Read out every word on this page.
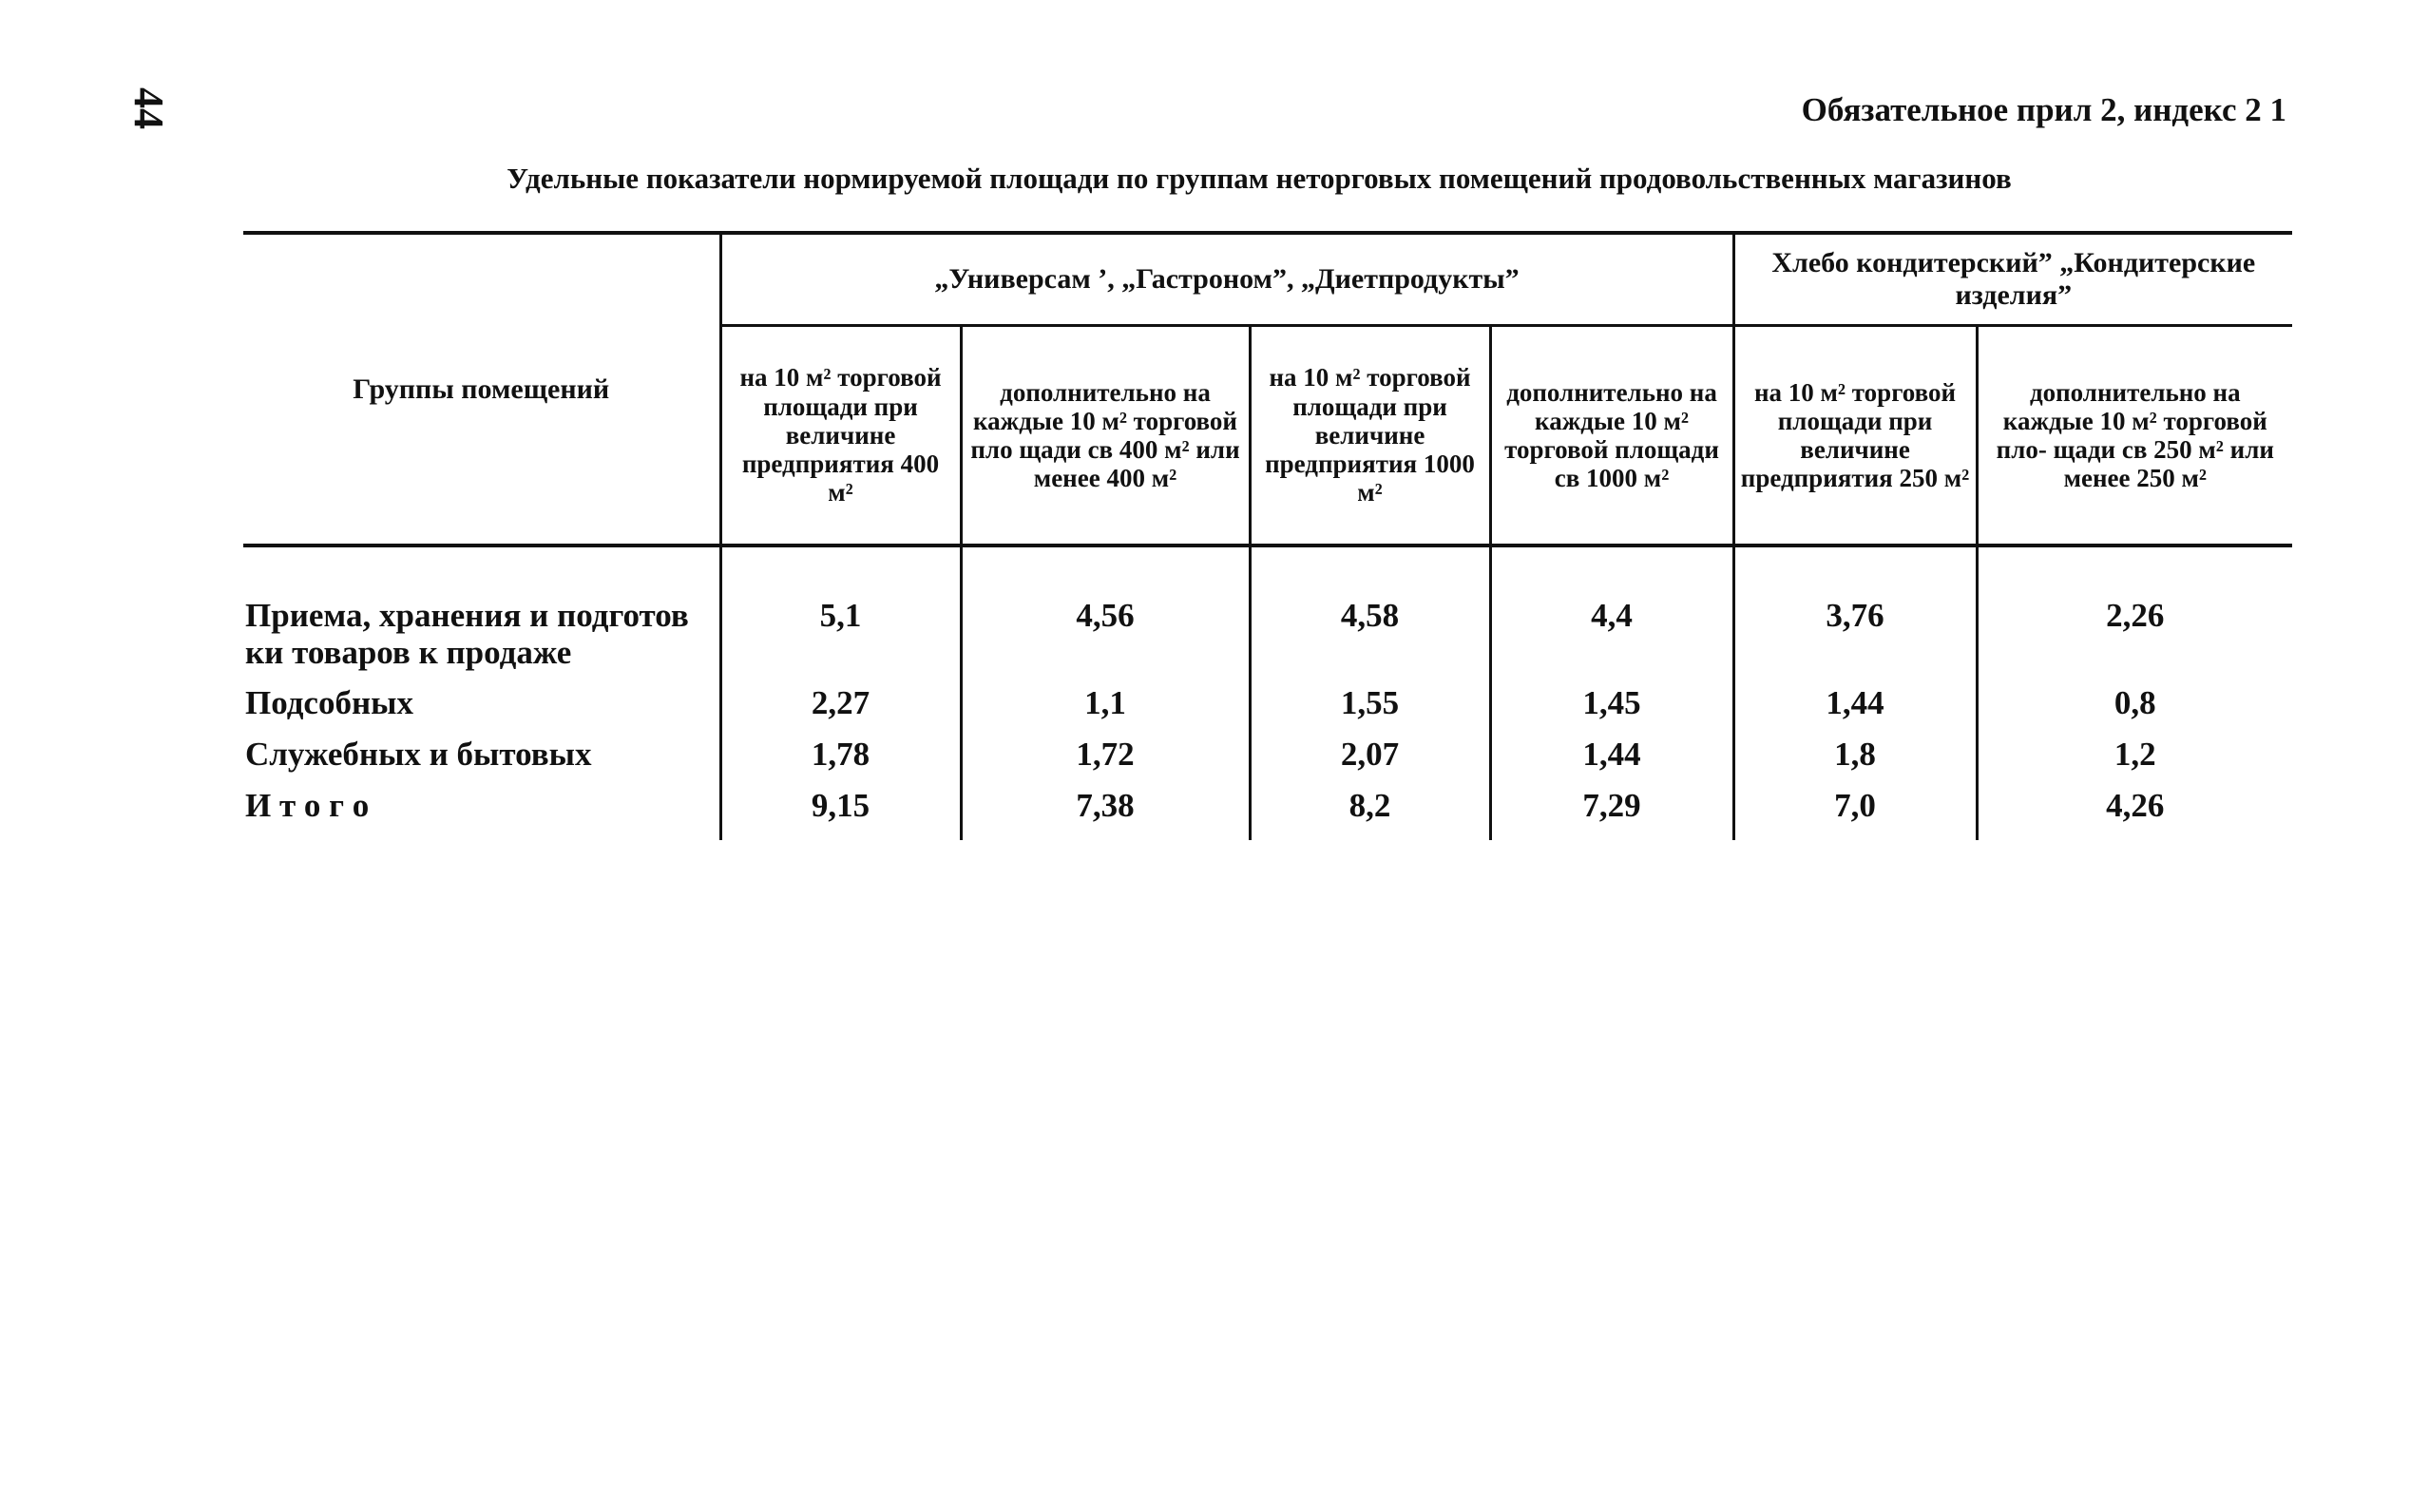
44	Обязательное прил 2, индекс 2 1
Удельные показатели нормируемой площади по группам неторговых помещений продовольственных магазинов
Группы помещений	„Универсам ’, „Гастроном”, „Диетпродукты”				Хлебо кондитерский” „Кондитерские изделия”	
	на 10 м² торговой площади при величине предприятия 400 м²	дополнительно на каждые 10 м² торговой пло щади св 400 м² или менее 400 м²	на 10 м² торговой площади при величине предприятия 1000 м²	дополнительно на каждые 10 м² торговой площади св 1000 м²	на 10 м² торговой площади при величине предприятия 250 м²	дополнительно на каждые 10 м² торговой пло- щади св 250 м² или менее 250 м²

Приема, хранения и подготов ки товаров к продаже	5,1	4,56	4,58	4,4	3,76	2,26
Подсобных	2,27	1,1	1,55	1,45	1,44	0,8
Служебных и бытовых	1,78	1,72	2,07	1,44	1,8	1,2
И т о г о	9,15	7,38	8,2	7,29	7,0	4,26
